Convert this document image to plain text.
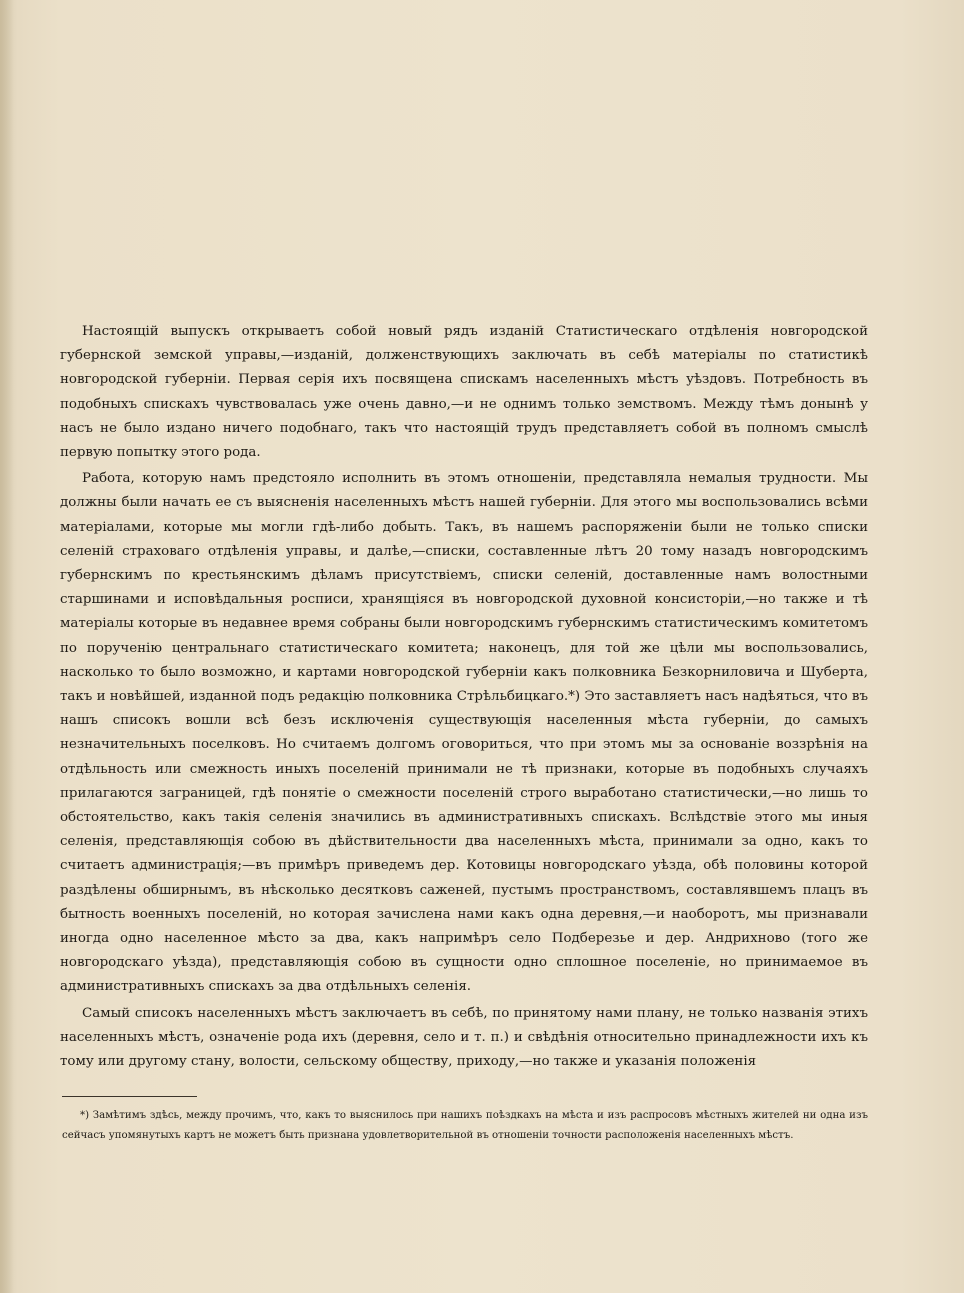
Настоящій выпускъ открываетъ собой новый рядъ изданій Статистическаго отдѣленія новгородской губернской земской управы,—изданій, долженствующихъ заключать въ себѣ матеріалы по статистикѣ новгородской губерніи. Первая серія ихъ посвящена спискамъ населенныхъ мѣстъ уѣздовъ. Потребность въ подобныхъ спискахъ чувствовалась уже очень давно,—и не однимъ только земствомъ. Между тѣмъ донынѣ у насъ не было издано ничего подобнаго, такъ что настоящій трудъ представляетъ собой въ полномъ смыслѣ первую попытку этого рода.

Работа, которую намъ предстояло исполнить въ этомъ отношеніи, представляла немалыя трудности. Мы должны были начать ее съ выясненія населенныхъ мѣстъ нашей губерніи. Для этого мы воспользовались всѣми матеріалами, которые мы могли гдѣ-либо добыть. Такъ, въ нашемъ распоряженіи были не только списки селеній страховаго отдѣленія управы, и далѣе,—списки, составленные лѣтъ 20 тому назадъ новгородскимъ губернскимъ по крестьянскимъ дѣламъ присутствіемъ, списки селеній, доставленные намъ волостными старшинами и исповѣдальныя росписи, хранящіяся въ новгородской духовной консисторіи,—но также и тѣ матеріалы которые въ недавнее время собраны были новгородскимъ губернскимъ статистическимъ комитетомъ по порученію центральнаго статистическаго комитета; наконецъ, для той же цѣли мы воспользовались, насколько то было возможно, и картами новгородской губерніи какъ полковника Безкорниловича и Шуберта, такъ и новѣйшей, изданной подъ редакцію полковника Стрѣльбицкаго.*) Это заставляетъ насъ надѣяться, что въ нашъ списокъ вошли всѣ безъ исключенія существующія населенныя мѣста губерніи, до самыхъ незначительныхъ поселковъ. Но считаемъ долгомъ оговориться, что при этомъ мы за основаніе воззрѣнія на отдѣльность или смежность иныхъ поселеній принимали не тѣ признаки, которые въ подобныхъ случаяхъ прилагаются заграницей, гдѣ понятіе о смежности поселеній строго выработано статистически,—но лишь то обстоятельство, какъ такія селенія значились въ административныхъ спискахъ. Вслѣдствіе этого мы иныя селенія, представляющія собою въ дѣйствительности два населенныхъ мѣста, принимали за одно, какъ то считаетъ администрація;—въ примѣръ приведемъ дер. Котовицы новгородскаго уѣзда, обѣ половины которой раздѣлены обширнымъ, въ нѣсколько десятковъ саженей, пустымъ пространствомъ, составлявшемъ плацъ въ бытность военныхъ поселеній, но которая зачислена нами какъ одна деревня,—и наоборотъ, мы признавали иногда одно населенное мѣсто за два, какъ напримѣръ село Подберезье и дер. Андрихново (того же новгородскаго уѣзда), представляющія собою въ сущности одно сплошное поселеніе, но принимаемое въ административныхъ спискахъ за два отдѣльныхъ селенія.

Самый списокъ населенныхъ мѣстъ заключаетъ въ себѣ, по принятому нами плану, не только названія этихъ населенныхъ мѣстъ, означеніе рода ихъ (деревня, село и т. п.) и свѣдѣнія относительно принадлежности ихъ къ тому или другому стану, волости, сельскому обществу, приходу,—но также и указанія положенія

*) Замѣтимъ здѣсь, между прочимъ, что, какъ то выяснилось при нашихъ поѣздкахъ на мѣста и изъ распросовъ мѣстныхъ жителей ни одна изъ сейчасъ упомянутыхъ картъ не можетъ быть признана удовлетворительной въ отношеніи точности расположенія населенныхъ мѣстъ.
